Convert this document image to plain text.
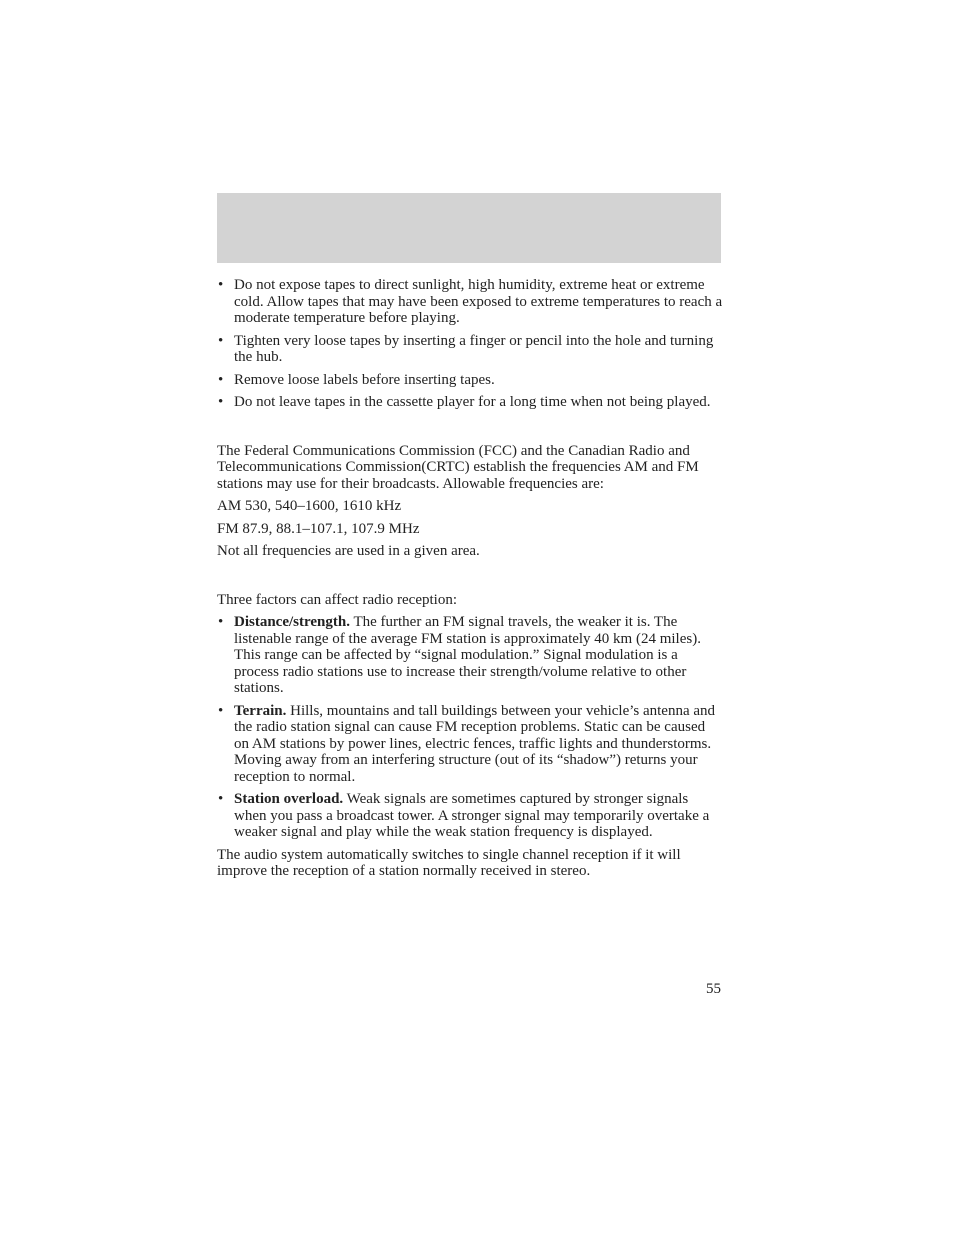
• Do not expose tapes to direct sunlight, high humidity, extreme heat or extreme cold. Allow tapes that may have been exposed to extreme temperatures to reach a moderate temperature before playing.
• Tighten very loose tapes by inserting a finger or pencil into the hole and turning the hub.
• Remove loose labels before inserting tapes.
• Do not leave tapes in the cassette player for a long time when not being played.

The Federal Communications Commission (FCC) and the Canadian Radio and Telecommunications Commission(CRTC) establish the frequencies AM and FM stations may use for their broadcasts. Allowable frequencies are:

AM 530, 540–1600, 1610 kHz

FM 87.9, 88.1–107.1, 107.9 MHz

Not all frequencies are used in a given area.

Three factors can affect radio reception:

• Distance/strength. The further an FM signal travels, the weaker it is. The listenable range of the average FM station is approximately 40 km (24 miles). This range can be affected by “signal modulation.” Signal modulation is a process radio stations use to increase their strength/volume relative to other stations.
• Terrain. Hills, mountains and tall buildings between your vehicle’s antenna and the radio station signal can cause FM reception problems. Static can be caused on AM stations by power lines, electric fences, traffic lights and thunderstorms. Moving away from an interfering structure (out of its “shadow”) returns your reception to normal.
• Station overload. Weak signals are sometimes captured by stronger signals when you pass a broadcast tower. A stronger signal may temporarily overtake a weaker signal and play while the weak station frequency is displayed.

The audio system automatically switches to single channel reception if it will improve the reception of a station normally received in stereo.

55
